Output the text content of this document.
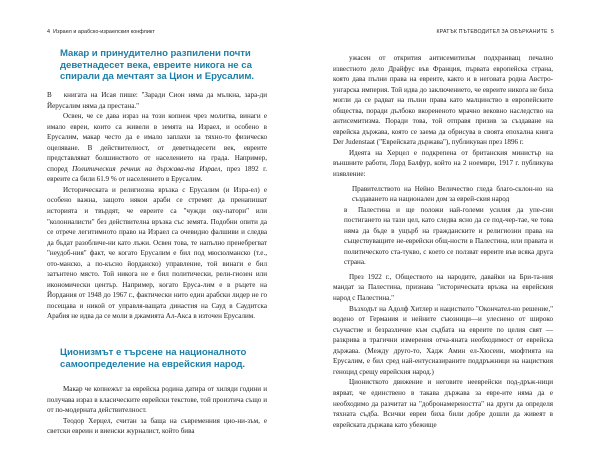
4 Израел и арабско-израелския конфликт
Макар и принудително разпилени почти деветнадесет века, евреите никога не са спирали да мечтаят за Цион и Ерусалим.

В книгата на Исая пише: "Заради Сион няма да мълкна, зара-ди Йерусалим няма да престана."

Освен, че се дава израз на този копнеж чрез молитва, винаги е имало евреи, които са живели в земята на Израел, и особено в Ерусалим, макар често да е имало заплахи за тяхно-то физическо оцеляване. В действителност, от деветнадесети век, евреите представляват болшинството от населението на града. Например, според Политическия речник на държава-та Израел, през 1892 г. евреите са били 61.9 % от населението в Ерусалим.

Историческата и религиозна връзка с Ерусалим (и Изра-ел) е особено важна, защото някои араби се стремят да пренапишат историята и твърдят, че евреите са "чужди оку-патори" или "колониалисти" без действителна връзка със земята. Подобни опити да се отрече легитимното право на Израел са очевидно фалшиви и следва да бъдат разобличе-ни като лъжи. Освен това, те напълно пренебрегват "неудоб-ния" факт, че когато Ерусалим е бил под мюсюлманско (т.е., ото-манско, а по-късно йорданско) управление, той винаги е бил затънтено място. Той никога не е бил политически, рели-гиозен или икономически център. Например, когато Ерусa-лим е в ръцете на Йордания от 1948 до 1967 г., фактически нито един арабски лидер не го посещава и никой от управля-ващата династия на Сауд в Саудитска Арабия не идва да се моли в джамията Ал-Акса в източен Ерусалим.

Ционизмът е търсене на националното самоопределение на еврейския народ.

Макар че копнежът за еврейска родина датира от хиляди години и получава израз в класическите еврейски текстове, той произтича също и от по-модерната действителност.

Теодор Херцел, считан за баща на съвременния цио-ни-зъм, е светски евреин и виенски журналист, който бива

КРАТЪК ПЪТЕВОДИТЕЛ ЗА ОБЪРКАНИТЕ 5

ужасен от открития антисемитизъм подхранващ печално известното дело Драйфус във Франция, първата европейска страна, която дава пълни права на евреите, както и в неговата родна Австро-унгарска империя. Той идва до заключението, че евреите никога не биха могли да се радват на пълни права като малцинство в европейските общества, поради дълбоко вкорененото мрачно вековно наследство на антисемитизма. Поради това, той отправя призив за създаване на еврейска държава, която се заема да обрисува в своята епохална книга Der Judenstaat ("Еврейската държава"), публикуван през 1896 г.

Идеята на Херцел е подкрепена от британския министър на външните работи, Лорд Балфур, който на 2 ноември, 1917 г. публикува изявление:

Правителството на Нейно Величество гледа благо-склон-но на създаването на национален дом за еврей-ския народ
в Палестина и ще положи най-големи усилия да упе-сни постигането на тази цел, като следва ясно да се под-чер-тае, че това няма да бъде в ущърб на гражданските и религиозни права на съществуващите не-еврейски общ-ности в Палестина, или правата и политическото ста-туквo, с което се ползват евреите във всяка друга страна.

През 1922 г., Обществото на народите, давайки на Бри-та-ния мандат за Палестина, признава "историческата връзка на еврейския народ с Палестина."

Възходът на Адолф Хитлер и нацисткото "Окончател-но решение," водено от Германия и нейните съюзници—и улеснено от широко съучастие и безразличие към съдбата на евреите по целия свят —разкрива в трагични измерения отча-яната необходимост от еврейска държава. (Между друго-то, Хадж Амин ел-Хюсеин, мюфтията на Ерусалим, е бил сред най-ентусиазираните поддръжници на нацисткия геноцид срещу еврейския народ.)

Ционисткото движение и неговите нееврейски под-дръж-ници вярват, че единствено в такава държава за евре-ите няма да е необходимо да разчитат на "добронамереността" на други да определя тяхната съдба. Всички евреи биха били добре дошли да живеят в еврейската държава като убежище
